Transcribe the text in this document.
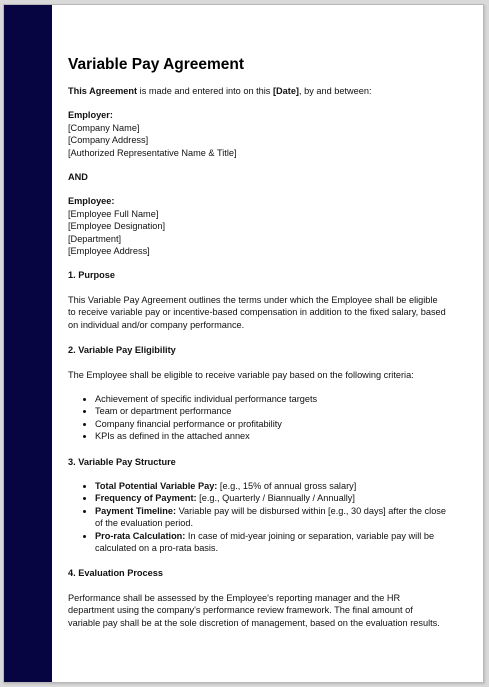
Variable Pay Agreement

This Agreement is made and entered into on this [Date], by and between:

Employer:

[Company Name]

[Company Address]

[Authorized Representative Name & Title]

AND

Employee:

[Employee Full Name]

[Employee Designation]

[Department]

[Employee Address]

1. Purpose

This Variable Pay Agreement outlines the terms under which the Employee shall be eligible to receive variable pay or incentive-based compensation in addition to the fixed salary, based on individual and/or company performance.

2. Variable Pay Eligibility

The Employee shall be eligible to receive variable pay based on the following criteria:

• Achievement of specific individual performance targets
• Team or department performance
• Company financial performance or profitability
• KPIs as defined in the attached annex

3. Variable Pay Structure

• Total Potential Variable Pay: [e.g., 15% of annual gross salary]
• Frequency of Payment: [e.g., Quarterly / Biannually / Annually]
• Payment Timeline: Variable pay will be disbursed within [e.g., 30 days] after the close of the evaluation period.
• Pro-rata Calculation: In case of mid-year joining or separation, variable pay will be calculated on a pro-rata basis.

4. Evaluation Process

Performance shall be assessed by the Employee's reporting manager and the HR department using the company's performance review framework. The final amount of variable pay shall be at the sole discretion of management, based on the evaluation results.
